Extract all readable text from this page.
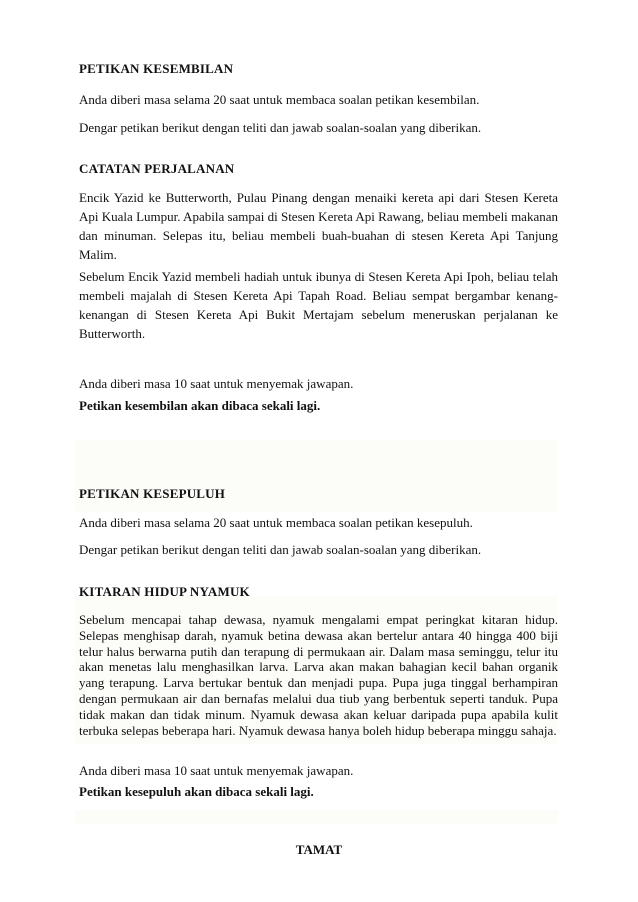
PETIKAN KESEMBILAN
Anda diberi masa selama 20 saat untuk membaca soalan petikan kesembilan.
Dengar petikan berikut dengan teliti dan jawab soalan-soalan yang diberikan.
CATATAN PERJALANAN
Encik Yazid ke Butterworth, Pulau Pinang dengan menaiki kereta api dari Stesen Kereta Api Kuala Lumpur. Apabila sampai di Stesen Kereta Api Rawang, beliau membeli makanan dan minuman. Selepas itu, beliau membeli buah-buahan di stesen Kereta Api Tanjung Malim.
Sebelum Encik Yazid membeli hadiah untuk ibunya di Stesen Kereta Api Ipoh, beliau telah membeli majalah di Stesen Kereta Api Tapah Road. Beliau sempat bergambar kenang-kenangan di Stesen Kereta Api Bukit Mertajam sebelum meneruskan perjalanan ke Butterworth.
Anda diberi masa 10 saat untuk menyemak jawapan.
Petikan kesembilan akan dibaca sekali lagi.
PETIKAN KESEPULUH
Anda diberi masa selama 20 saat untuk membaca soalan petikan kesepuluh.
Dengar petikan berikut dengan teliti dan jawab soalan-soalan yang diberikan.
KITARAN HIDUP NYAMUK
Sebelum mencapai tahap dewasa, nyamuk mengalami empat peringkat kitaran hidup. Selepas menghisap darah, nyamuk betina dewasa akan bertelur antara 40 hingga 400 biji telur halus berwarna putih dan terapung di permukaan air. Dalam masa seminggu, telur itu akan menetas lalu menghasilkan larva. Larva akan makan bahagian kecil bahan organik yang terapung. Larva bertukar bentuk dan menjadi pupa. Pupa juga tinggal berhampiran dengan permukaan air dan bernafas melalui dua tiub yang berbentuk seperti tanduk. Pupa tidak makan dan tidak minum. Nyamuk dewasa akan keluar daripada pupa apabila kulit terbuka selepas beberapa hari. Nyamuk dewasa hanya boleh hidup beberapa minggu sahaja.
Anda diberi masa 10 saat untuk menyemak jawapan.
Petikan kesepuluh akan dibaca sekali lagi.
TAMAT
